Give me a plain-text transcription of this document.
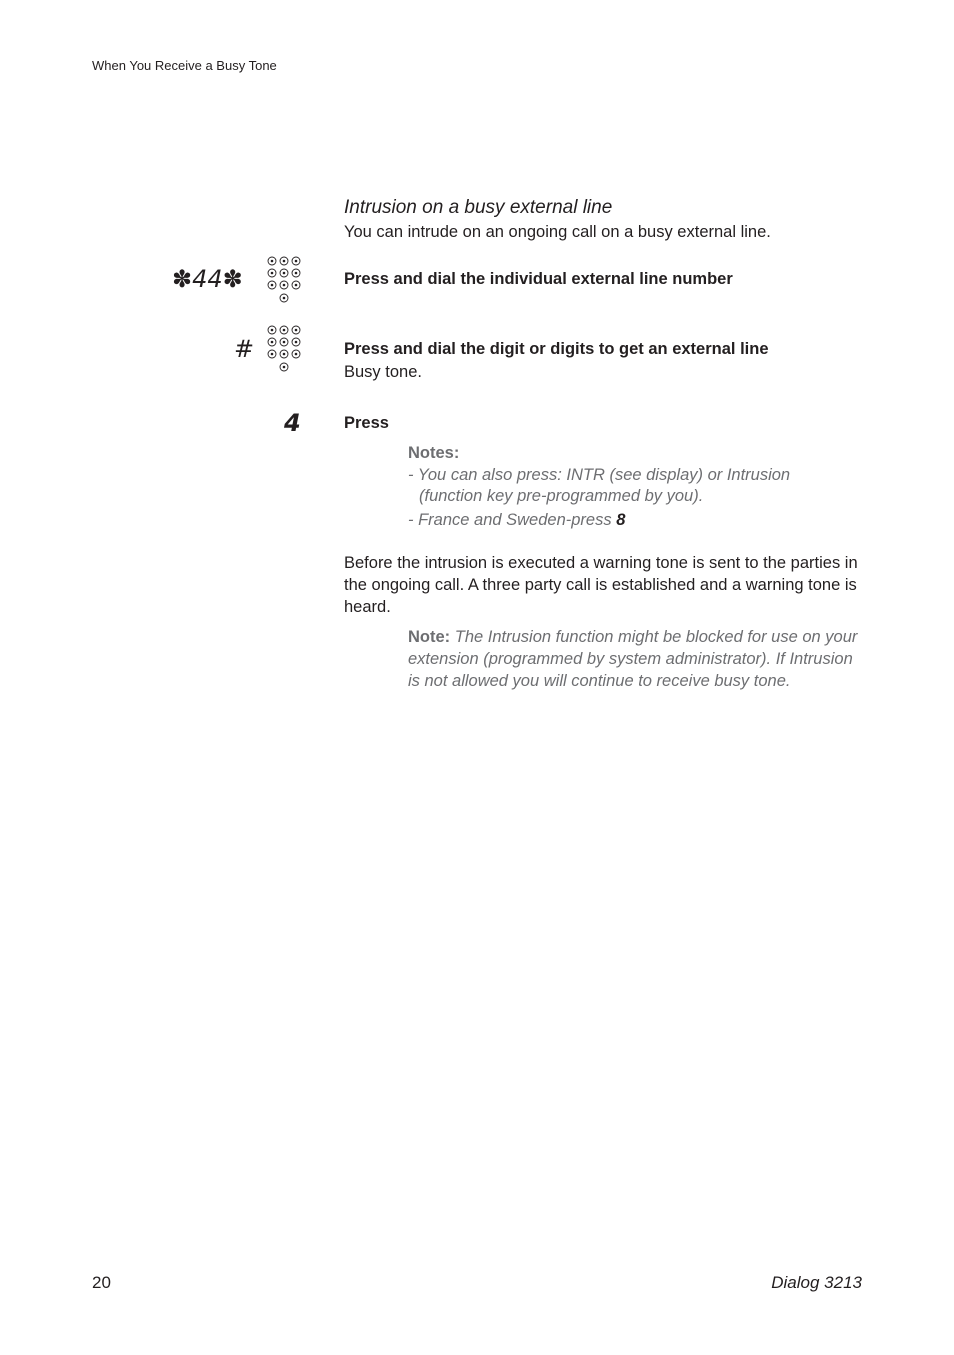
When You Receive a Busy Tone
Intrusion on a busy external line
You can intrude on an ongoing call on a busy external line.
✽44✽	Press and dial the individual external line number
#	Press and dial the digit or digits to get an external line
Busy tone.
4	Press
Notes:
- You can also press: INTR (see display) or Intrusion
(function key pre-programmed by you).
- France and Sweden-press 8
Before the intrusion is executed a warning tone is sent to the parties in the ongoing call. A three party call is established and a warning tone is heard.
Note: The Intrusion function might be blocked for use on your extension (programmed by system administrator). If Intrusion is not allowed you will continue to receive busy tone.
20	Dialog 3213
